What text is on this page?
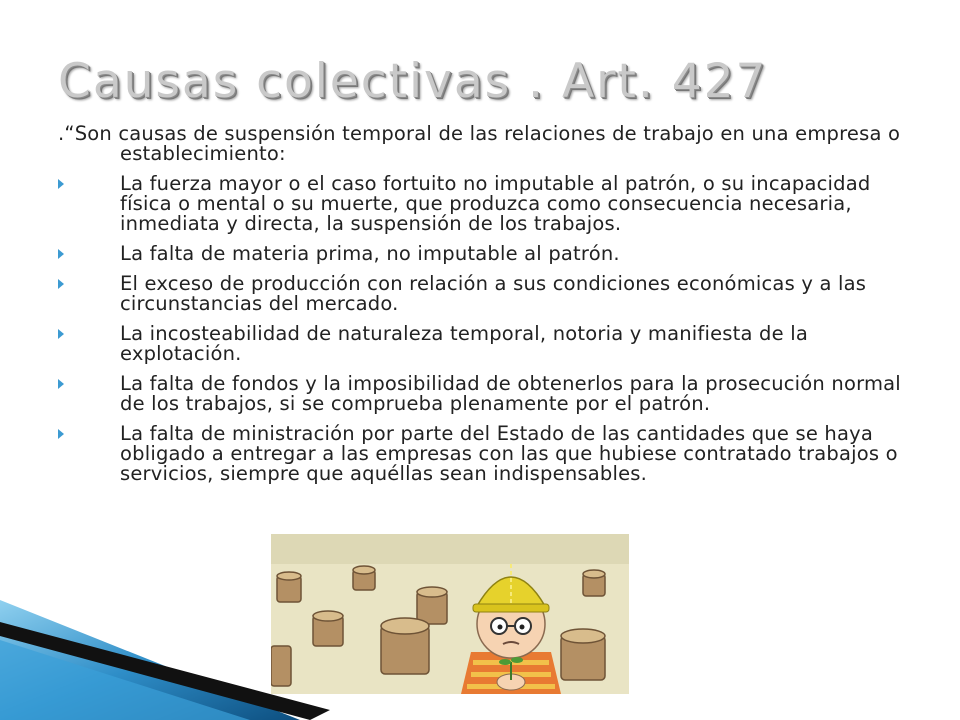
Causas colectivas . Art. 427

.“Son causas de suspensión temporal de las relaciones de trabajo en una empresa o establecimiento:

La fuerza mayor o el caso fortuito no imputable al patrón, o su incapacidad física o mental o su muerte, que produzca como consecuencia necesaria, inmediata y directa, la suspensión de los trabajos.
La falta de materia prima, no imputable al patrón.
El exceso de producción con relación a sus condiciones económicas y a las circunstancias del mercado.
La incosteabilidad de naturaleza temporal, notoria y manifiesta de la explotación.
La falta de fondos y la imposibilidad de obtenerlos para la prosecución normal de los trabajos, si se comprueba plenamente por el patrón.
La falta de ministración por parte del Estado de las cantidades que se haya obligado a entregar a las empresas con las que hubiese contratado trabajos o servicios, siempre que aquéllas sean indispensables.
